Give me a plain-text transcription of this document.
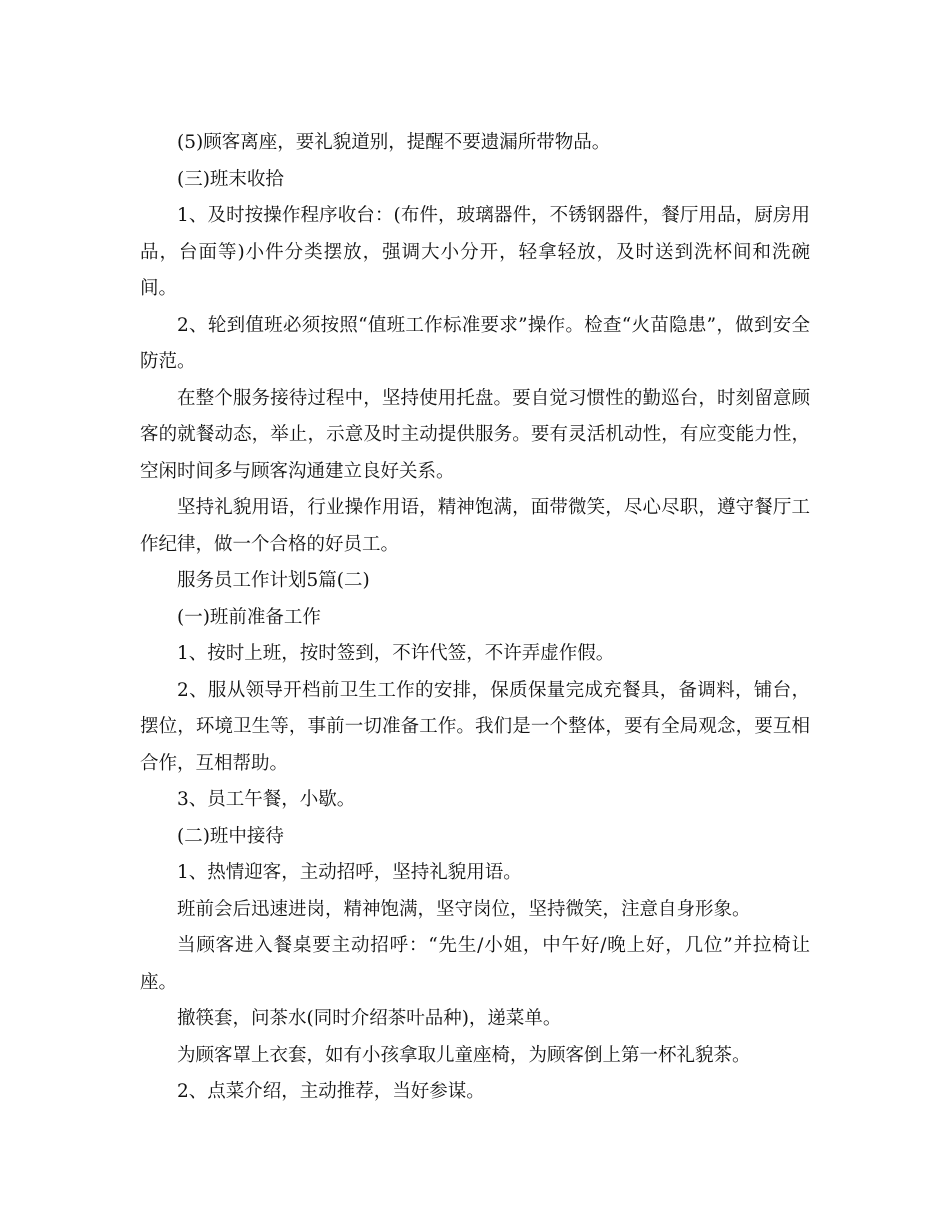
(5)顾客离座，要礼貌道别，提醒不要遗漏所带物品。

(三)班末收拾

1、及时按操作程序收台：(布件，玻璃器件，不锈钢器件，餐厅用品，厨房用品，台面等)小件分类摆放，强调大小分开，轻拿轻放，及时送到洗杯间和洗碗间。

2、轮到值班必须按照“值班工作标准要求”操作。检查“火苗隐患”，做到安全防范。

在整个服务接待过程中，坚持使用托盘。要自觉习惯性的勤巡台，时刻留意顾客的就餐动态，举止，示意及时主动提供服务。要有灵活机动性，有应变能力性，空闲时间多与顾客沟通建立良好关系。

坚持礼貌用语，行业操作用语，精神饱满，面带微笑，尽心尽职，遵守餐厅工作纪律，做一个合格的好员工。

服务员工作计划5篇(二)

(一)班前准备工作

1、按时上班，按时签到，不许代签，不许弄虚作假。

2、服从领导开档前卫生工作的安排，保质保量完成充餐具，备调料，铺台，摆位，环境卫生等，事前一切准备工作。我们是一个整体，要有全局观念，要互相合作，互相帮助。

3、员工午餐，小歇。

(二)班中接待

1、热情迎客，主动招呼，坚持礼貌用语。

班前会后迅速进岗，精神饱满，坚守岗位，坚持微笑，注意自身形象。

当顾客进入餐桌要主动招呼：“先生/小姐，中午好/晚上好，几位”并拉椅让座。

撤筷套，问茶水(同时介绍茶叶品种)，递菜单。

为顾客罩上衣套，如有小孩拿取儿童座椅，为顾客倒上第一杯礼貌茶。

2、点菜介绍，主动推荐，当好参谋。
